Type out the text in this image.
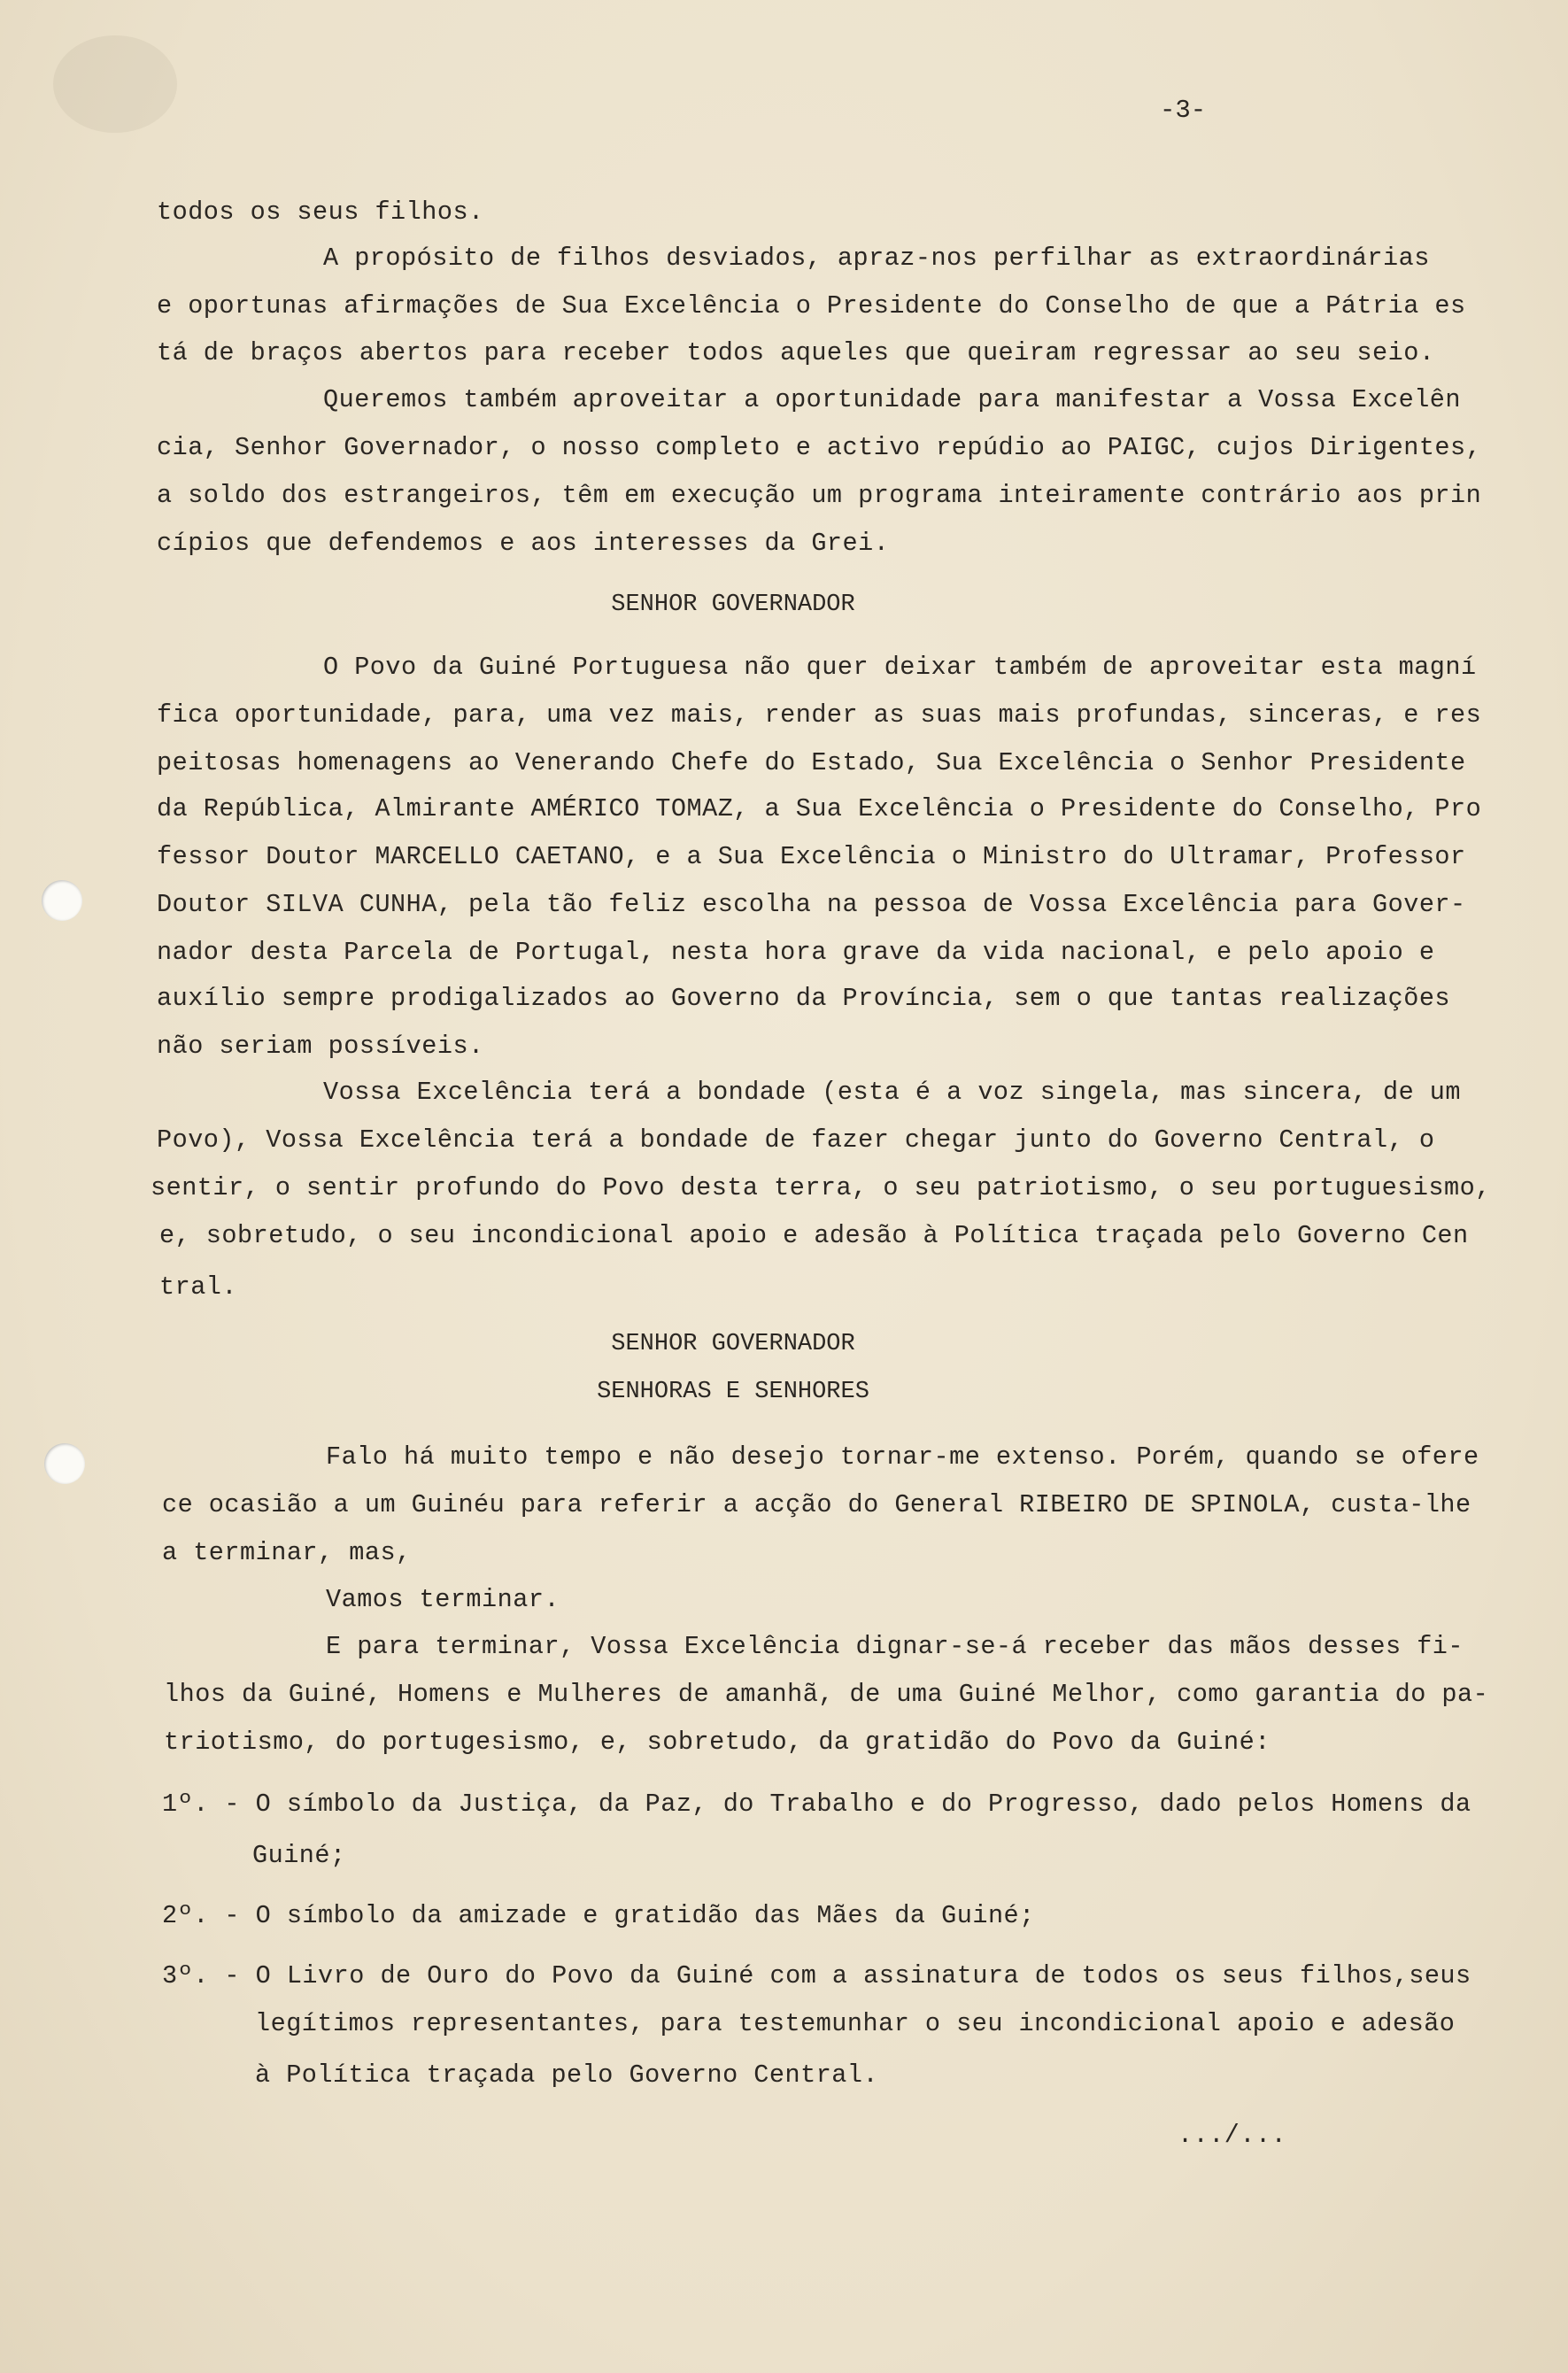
-3-
todos os seus filhos.
A propósito de filhos desviados, apraz-nos perfilhar as extraordinárias
e oportunas afirmações de Sua Excelência o Presidente do Conselho de que a Pátria es
tá de braços abertos para receber todos aqueles que queiram regressar ao seu seio.
Queremos também aproveitar a oportunidade para manifestar a Vossa Excelên
cia, Senhor Governador, o nosso completo e activo repúdio ao PAIGC, cujos Dirigentes,
a soldo dos estrangeiros, têm em execução um programa inteiramente contrário aos prin
cípios que defendemos e aos interesses da Grei.
SENHOR GOVERNADOR
O Povo da Guiné Portuguesa não quer deixar também de aproveitar esta magní
fica oportunidade, para, uma vez mais, render as suas mais profundas, sinceras, e res
peitosas homenagens ao Venerando Chefe do Estado, Sua Excelência o Senhor Presidente
da República, Almirante AMÉRICO TOMAZ, a Sua Excelência o Presidente do Conselho, Pro
fessor Doutor MARCELLO CAETANO, e a Sua Excelência o Ministro do Ultramar, Professor
Doutor SILVA CUNHA, pela tão feliz escolha na pessoa de Vossa Excelência para Gover-
nador desta Parcela de Portugal, nesta hora grave da vida nacional, e pelo apoio e
auxílio sempre prodigalizados ao Governo da Província, sem o que tantas realizações
não seriam possíveis.
Vossa Excelência terá a bondade (esta é a voz singela, mas sincera, de um
Povo), Vossa Excelência terá a bondade de fazer chegar junto do Governo Central, o
sentir, o sentir profundo do Povo desta terra, o seu patriotismo, o seu portuguesismo,
e, sobretudo, o seu incondicional apoio e adesão à Política traçada pelo Governo Cen
tral.
SENHOR GOVERNADOR
SENHORAS E SENHORES
Falo há muito tempo e não desejo tornar-me extenso. Porém, quando se ofere
ce ocasião a um Guinéu para referir a acção do General RIBEIRO DE SPINOLA, custa-lhe
a terminar, mas,
Vamos terminar.
E para terminar, Vossa Excelência dignar-se-á receber das mãos desses fi-
lhos da Guiné, Homens e Mulheres de amanhã, de uma Guiné Melhor, como garantia do pa-
triotismo, do portugesismo, e, sobretudo, da gratidão do Povo da Guiné:
1º. - O símbolo da Justiça, da Paz, do Trabalho e do Progresso, dado pelos Homens da
Guiné;
2º. - O símbolo da amizade e gratidão das Mães da Guiné;
3º. - O Livro de Ouro do Povo da Guiné com a assinatura de todos os seus filhos,seus
legítimos representantes, para testemunhar o seu incondicional apoio e adesão
à Política traçada pelo Governo Central.
.../...
